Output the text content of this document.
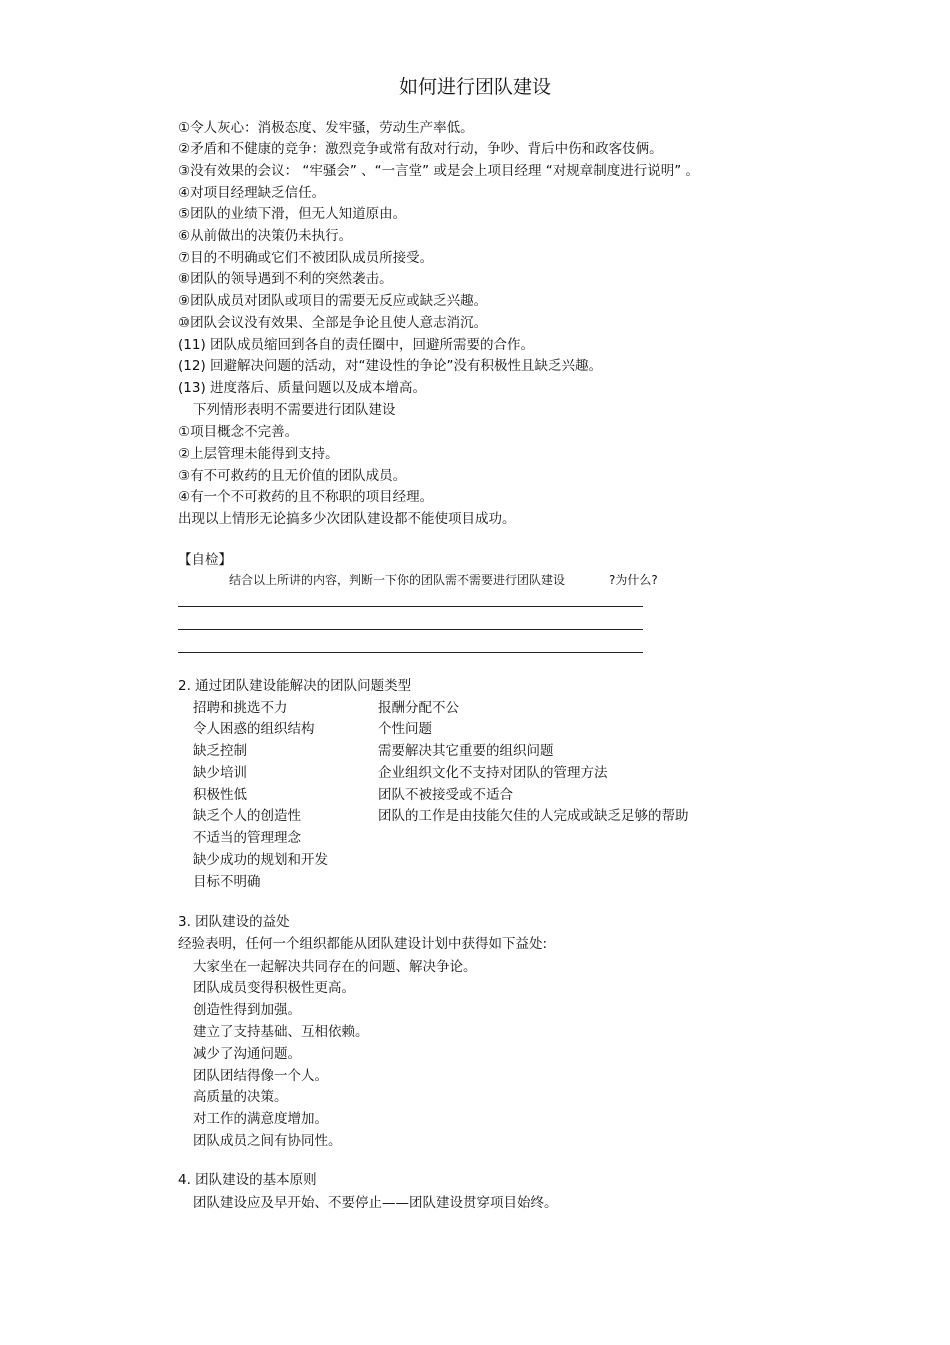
如何进行团队建设
①令人灰心：消极态度、发牢骚，劳动生产率低。
②矛盾和不健康的竞争：激烈竞争或常有敌对行动，争吵、背后中伤和政客伎俩。
③没有效果的会议： “牢骚会” 、“一言堂” 或是会上项目经理 “对规章制度进行说明” 。
④对项目经理缺乏信任。
⑤团队的业绩下滑，但无人知道原由。
⑥从前做出的决策仍未执行。
⑦目的不明确或它们不被团队成员所接受。
⑧团队的领导遇到不利的突然袭击。
⑨团队成员对团队或项目的需要无反应或缺乏兴趣。
⑩团队会议没有效果、全部是争论且使人意志消沉。
(11) 团队成员缩回到各自的责任圈中，回避所需要的合作。
(12) 回避解决问题的活动，对“建设性的争论”没有积极性且缺乏兴趣。
(13) 进度落后、质量问题以及成本增高。
下列情形表明不需要进行团队建设
①项目概念不完善。
②上层管理未能得到支持。
③有不可救药的且无价值的团队成员。
④有一个不可救药的且不称职的项目经理。
出现以上情形无论搞多少次团队建设都不能使项目成功。
【自检】
结合以上所讲的内容，判断一下你的团队需不需要进行团队建设	?为什么?
2. 通过团队建设能解决的团队问题类型
招聘和挑选不力
令人困惑的组织结构
缺乏控制
缺少培训
积极性低
缺乏个人的创造性
不适当的管理理念
缺少成功的规划和开发
目标不明确
报酬分配不公
个性问题
需要解决其它重要的组织问题
企业组织文化不支持对团队的管理方法
团队不被接受或不适合
团队的工作是由技能欠佳的人完成或缺乏足够的帮助
3. 团队建设的益处
经验表明，任何一个组织都能从团队建设计划中获得如下益处:
大家坐在一起解决共同存在的问题、解决争论。
团队成员变得积极性更高。
创造性得到加强。
建立了支持基础、互相依赖。
减少了沟通问题。
团队团结得像一个人。
高质量的决策。
对工作的满意度增加。
团队成员之间有协同性。
4. 团队建设的基本原则
团队建设应及早开始、不要停止——团队建设贯穿项目始终。
